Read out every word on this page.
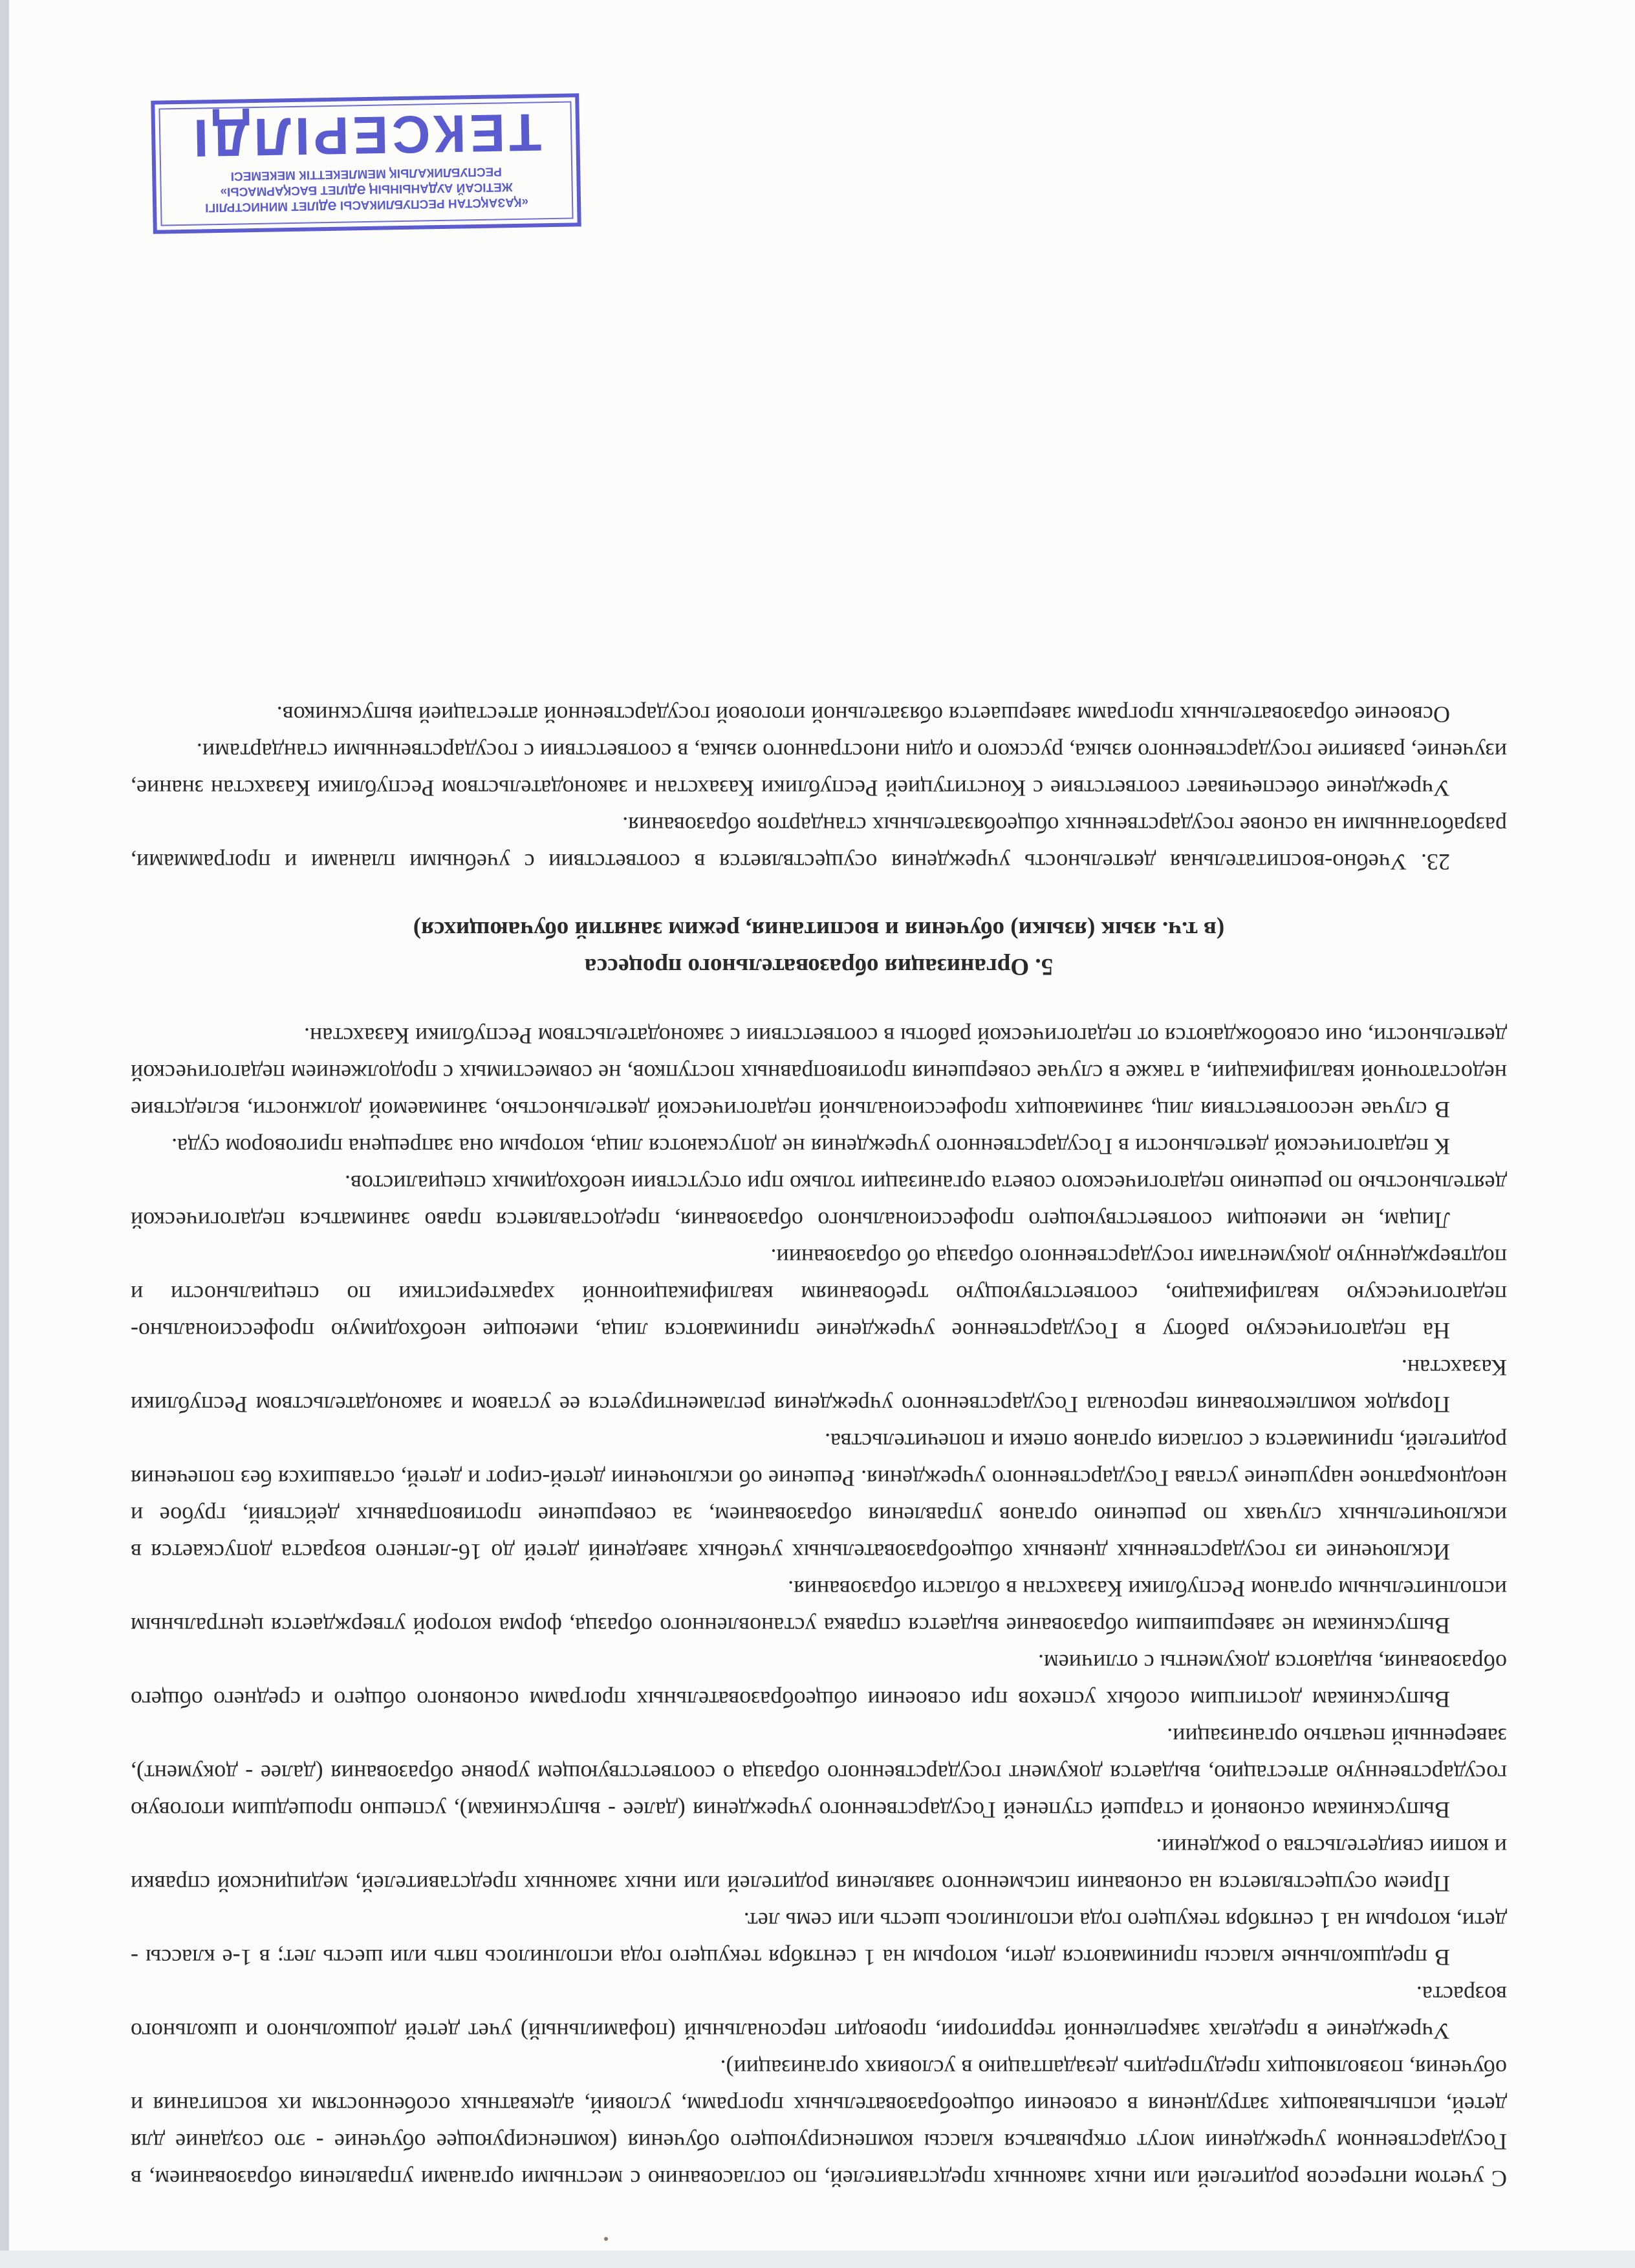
С учетом интересов родителей или иных законных представителей, по согласованию с местными органами управления образованием, в Государственном учреждении могут открываться классы компенсирующего обучения (компенсирующее обучение - это создание для детей, испытывающих затруднения в освоении общеобразовательных программ, условий, адекватных особенностям их воспитания и обучения, позволяющих предупредить дезадаптацию в условиях организации).

Учреждение в пределах закрепленной территории, проводит персональный (пофамильный) учет детей дошкольного и школьного возраста.

В предшкольные классы принимаются дети, которым на 1 сентября текущего года исполнилось пять или шесть лет; в 1-е классы - дети, которым на 1 сентября текущего года исполнилось шесть или семь лет.

Прием осуществляется на основании письменного заявления родителей или иных законных представителей, медицинской справки и копии свидетельства о рождении.

Выпускникам основной и старшей ступеней Государственного учреждения (далее - выпускникам), успешно прошедшим итоговую государственную аттестацию, выдается документ государственного образца о соответствующем уровне образования (далее - документ), заверенный печатью организации.

Выпускникам достигшим особых успехов при освоении общеобразовательных программ основного общего и среднего общего образования, выдаются документы с отличием.

Выпускникам не завершившим образование выдается справка установленного образца, форма которой утверждается центральным исполнительным органом Республики Казахстан в области образования.

Исключение из государственных дневных общеобразовательных учебных заведений детей до 16-летнего возраста допускается в исключительных случаях по решению органов управления образованием, за совершение противоправных действий, грубое и неоднократное нарушение устава Государственного учреждения. Решение об исключении детей-сирот и детей, оставшихся без попечения родителей, принимается с согласия органов опеки и попечительства.

Порядок комплектования персонала Государственного учреждения регламентируется ее уставом и законодательством Республики Казахстан.

На педагогическую работу в Государственное учреждение принимаются лица, имеющие необходимую профессионально-педагогическую квалификацию, соответствующую требованиям квалификационной характеристики по специальности и подтвержденную документами государственного образца об образовании.

Лицам, не имеющим соответствующего профессионального образования, предоставляется право заниматься педагогической деятельностью по решению педагогического совета организации только при отсутствии необходимых специалистов.

К педагогической деятельности в Государственного учреждения не допускаются лица, которым она запрещена приговором суда.

В случае несоответствия лиц, занимающих профессиональной педагогической деятельностью, занимаемой должности, вследствие недостаточной квалификации, а также в случае совершения противоправных поступков, не совместимых с продолжением педагогической деятельности, они освобождаются от педагогической работы в соответствии с законодательством Республики Казахстан.

5. Организация образовательного процесса
(в т.ч. язык (языки) обучения и воспитания, режим занятий обучающихся)

23. Учебно-воспитательная деятельность учреждения осуществляется в соответствии с учебными планами и программами, разработанными на основе государственных общеобязательных стандартов образования.

Учреждение обеспечивает соответствие с Конституцией Республики Казахстан и законодательством Республики Казахстан знание, изучение, развитие государственного языка, русского и один иностранного языка, в соответствии с государственными стандартами.

Освоение образовательных программ завершается обязательной итоговой государственной аттестацией выпускников.

«ҚАЗАҚСТАН РЕСПУБЛИКАСЫ ӘДІЛЕТ МИНИСТРЛІГІ
ЖЕТІСАЙ АУДАНЫНЫҢ ӘДІЛЕТ БАСҚАРМАСЫ»
РЕСПУБЛИКАЛЫҚ МЕМЛЕКЕТТІК МЕКЕМЕСІ
ТЕКСЕРІЛДІ
